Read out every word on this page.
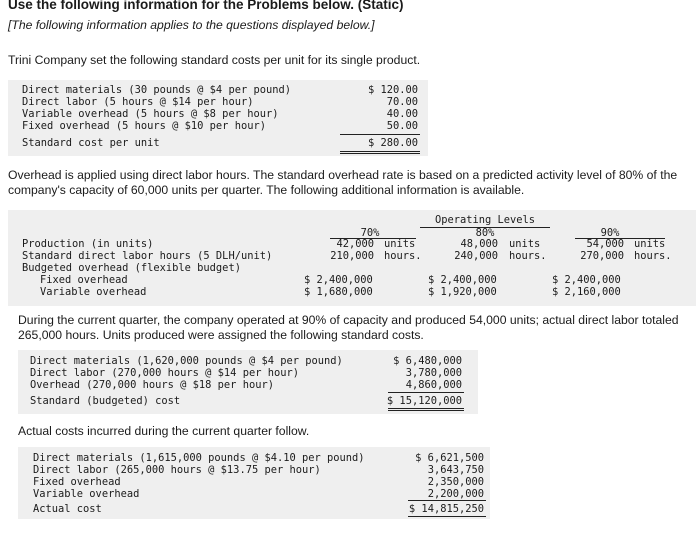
Use the following information for the Problems below. (Static)
[The following information applies to the questions displayed below.]
Trini Company set the following standard costs per unit for its single product.
Direct materials (30 pounds @ $4 per pound)	$ 120.00
Direct labor (5 hours @ $14 per hour)	70.00
Variable overhead (5 hours @ $8 per hour)	40.00
Fixed overhead (5 hours @ $10 per hour)	50.00
Standard cost per unit	$ 280.00
Overhead is applied using direct labor hours. The standard overhead rate is based on a predicted activity level of 80% of the company's capacity of 60,000 units per quarter. The following additional information is available.
Operating Levels
70%	80%	90%
Production (in units)	42,000 units	48,000 units	54,000 units
Standard direct labor hours (5 DLH/unit)	210,000 hours.	240,000 hours.	270,000 hours.
Budgeted overhead (flexible budget)
Fixed overhead	$ 2,400,000	$ 2,400,000	$ 2,400,000
Variable overhead	$ 1,680,000	$ 1,920,000	$ 2,160,000
During the current quarter, the company operated at 90% of capacity and produced 54,000 units; actual direct labor totaled 265,000 hours. Units produced were assigned the following standard costs.
Direct materials (1,620,000 pounds @ $4 per pound)	$ 6,480,000
Direct labor (270,000 hours @ $14 per hour)	3,780,000
Overhead (270,000 hours @ $18 per hour)	4,860,000
Standard (budgeted) cost	$ 15,120,000
Actual costs incurred during the current quarter follow.
Direct materials (1,615,000 pounds @ $4.10 per pound)	$ 6,621,500
Direct labor (265,000 hours @ $13.75 per hour)	3,643,750
Fixed overhead	2,350,000
Variable overhead	2,200,000
Actual cost	$ 14,815,250
